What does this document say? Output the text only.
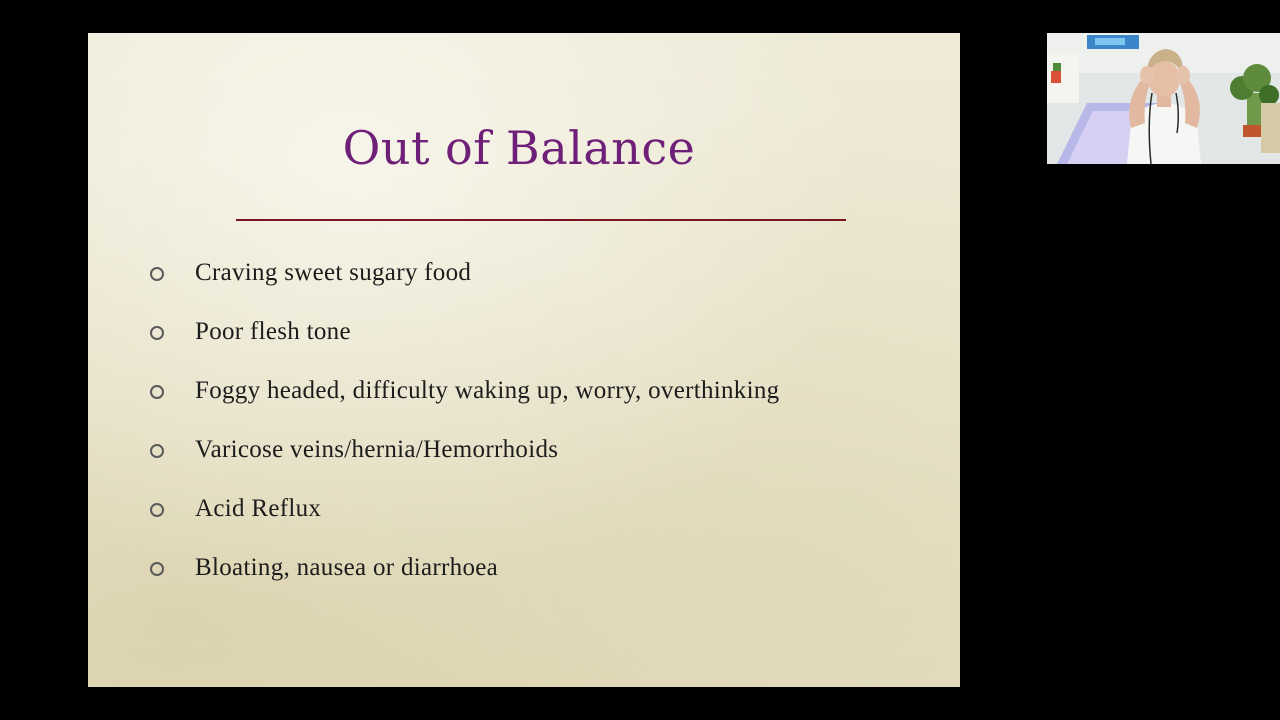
Out of Balance
Craving sweet sugary food
Poor flesh tone
Foggy headed, difficulty waking up, worry, overthinking
Varicose veins/hernia/Hemorrhoids
Acid Reflux
Bloating, nausea or diarrhoea
